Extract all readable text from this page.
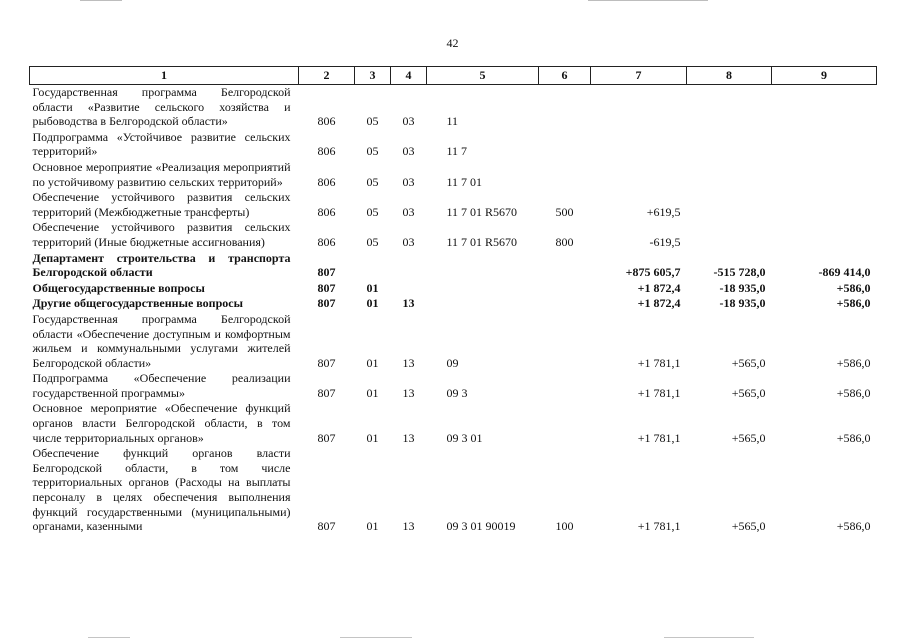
42
1	2	3	4	5	6	7	8	9
Государственная программа Белгородской области «Развитие сельского хозяйства и рыбоводства в Белгородской области»	806	05	03	11				
Подпрограмма «Устойчивое развитие сельских территорий»	806	05	03	11 7				
Основное мероприятие «Реализация мероприятий по устойчивому развитию сельских территорий»	806	05	03	11 7 01				
Обеспечение устойчивого развития сельских территорий (Межбюджетные трансферты)	806	05	03	11 7 01 R5670	500	+619,5		
Обеспечение устойчивого развития сельских территорий (Иные бюджетные ассигнования)	806	05	03	11 7 01 R5670	800	-619,5		
Департамент строительства и транспорта Белгородской области	807					+875 605,7	-515 728,0	-869 414,0
Общегосударственные вопросы	807	01				+1 872,4	-18 935,0	+586,0
Другие общегосударственные вопросы	807	01	13			+1 872,4	-18 935,0	+586,0
Государственная программа Белгородской области «Обеспечение доступным и комфортным жильем и коммунальными услугами жителей Белгородской области»	807	01	13	09		+1 781,1	+565,0	+586,0
Подпрограмма «Обеспечение реализации государственной программы»	807	01	13	09 3		+1 781,1	+565,0	+586,0
Основное мероприятие «Обеспечение функций органов власти Белгородской области, в том числе территориальных органов»	807	01	13	09 3 01		+1 781,1	+565,0	+586,0
Обеспечение функций органов власти Белгородской области, в том числе территориальных органов (Расходы на выплаты персоналу в целях обеспечения выполнения функций государственными (муниципальными) органами, казенными	807	01	13	09 3 01 90019	100	+1 781,1	+565,0	+586,0
